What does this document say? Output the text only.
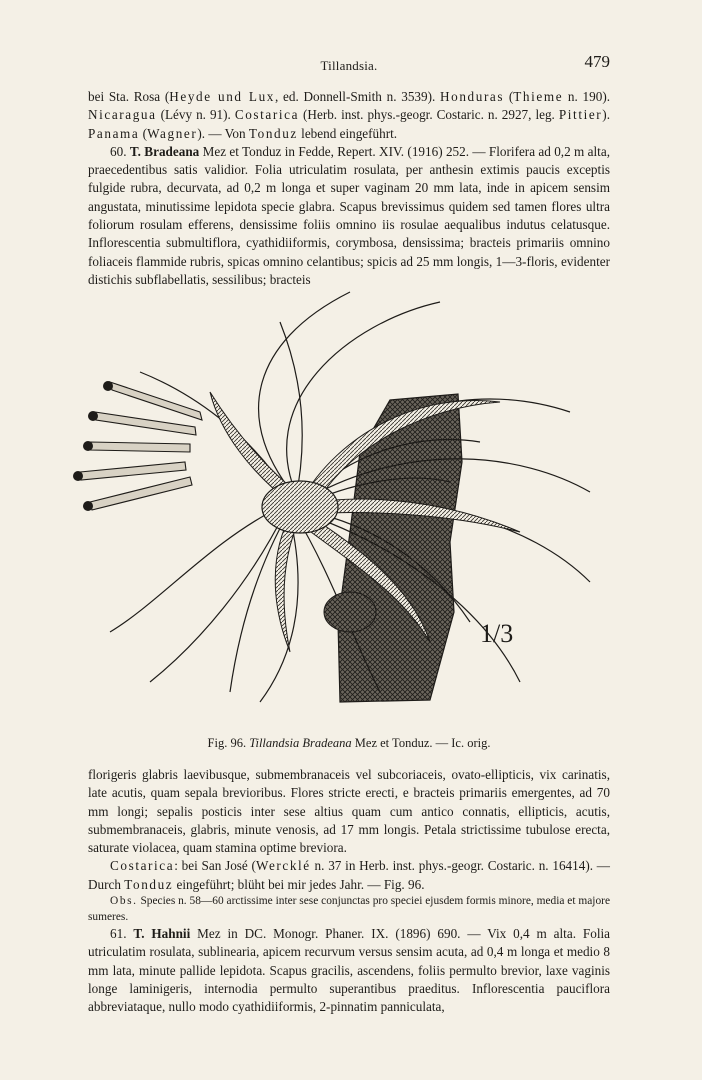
Tillandsia.	479

bei Sta. Rosa (Heyde und Lux, ed. Donnell-Smith n. 3539). Honduras (Thieme n. 190). Nicaragua (Lévy n. 91). Costarica (Herb. inst. phys.-geogr. Costaric. n. 2927, leg. Pittier). Panama (Wagner). — Von Tonduz lebend eingeführt.

60. T. Bradeana Mez et Tonduz in Fedde, Repert. XIV. (1916) 252. — Florifera ad 0,2 m alta, praecedentibus satis validior. Folia utriculatim rosulata, per anthesin extimis paucis exceptis fulgide rubra, decurvata, ad 0,2 m longa et super vaginam 20 mm lata, inde in apicem sensim angustata, minutissime lepidota specie glabra. Scapus brevissimus quidem sed tamen flores ultra foliorum rosulam efferens, densissime foliis omnino iis rosulae aequalibus indutus celatusque. Inflorescentia submultiflora, cyathidiiformis, corymbosa, densissima; bracteis primariis omnino foliaceis flammide rubris, spicas omnino celantibus; spicis ad 25 mm longis, 1—3-floris, evidenter distichis subflabellatis, sessilibus; bracteis

1/3
Fig. 96. Tillandsia Bradeana Mez et Tonduz. — Ic. orig.

florigeris glabris laevibusque, submembranaceis vel subcoriaceis, ovato-ellipticis, vix carinatis, late acutis, quam sepala brevioribus. Flores stricte erecti, e bracteis primariis emergentes, ad 70 mm longi; sepalis posticis inter sese altius quam cum antico connatis, ellipticis, acutis, submembranaceis, glabris, minute venosis, ad 17 mm longis. Petala strictissime tubulose erecta, saturate violacea, quam stamina optime breviora.

Costarica: bei San José (Wercklé n. 37 in Herb. inst. phys.-geogr. Costaric. n. 16414). — Durch Tonduz eingeführt; blüht bei mir jedes Jahr. — Fig. 96.

Obs. Species n. 58—60 arctissime inter sese conjunctas pro speciei ejusdem formis minore, media et majore sumeres.

61. T. Hahnii Mez in DC. Monogr. Phaner. IX. (1896) 690. — Vix 0,4 m alta. Folia utriculatim rosulata, sublinearia, apicem recurvum versus sensim acuta, ad 0,4 m longa et medio 8 mm lata, minute pallide lepidota. Scapus gracilis, ascendens, foliis permulto brevior, laxe vaginis longe laminigeris, internodia permulto superantibus praeditus. Inflorescentia pauciflora abbreviataque, nullo modo cyathidiiformis, 2-pinnatim panniculata,
